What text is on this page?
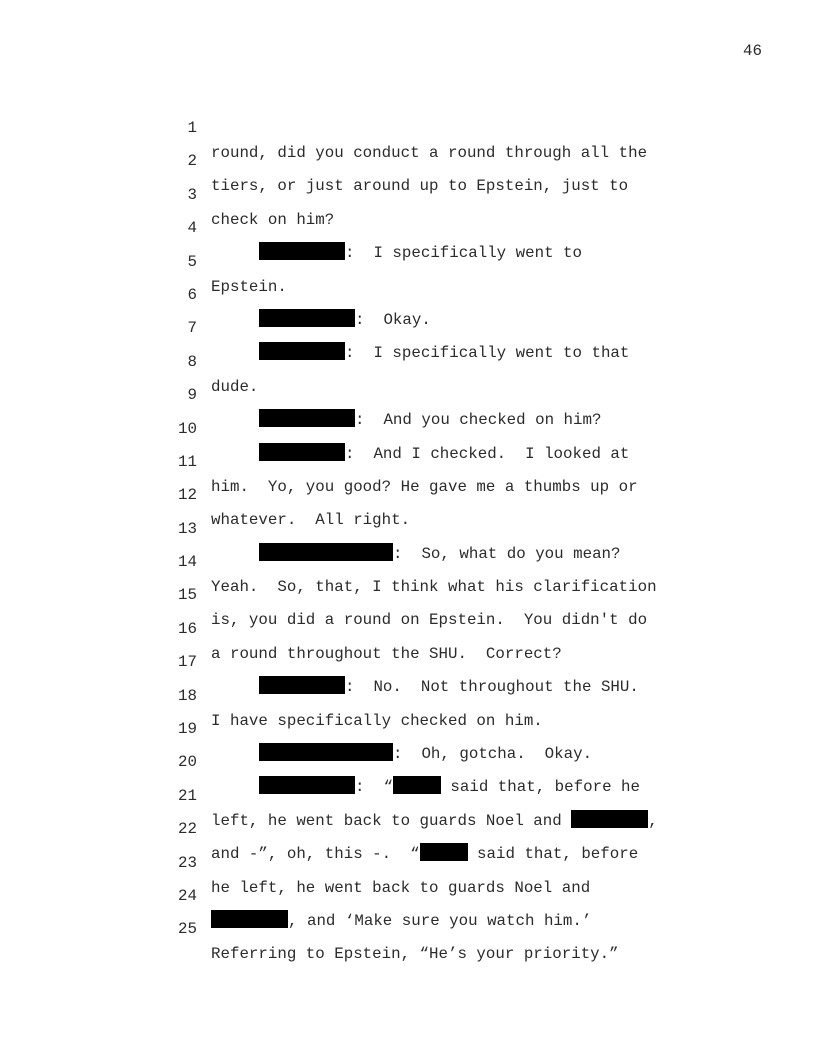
46

1

round, did you conduct a round through all the

2

tiers, or just around up to Epstein, just to

3

check on him?

4

:  I specifically went to

5

Epstein.

6

:  Okay.

7

:  I specifically went to that

8

dude.

9

:  And you checked on him?

10

:  And I checked.  I looked at

11

him.  Yo, you good? He gave me a thumbs up or

12

whatever.  All right.

13

:  So, what do you mean?

14

Yeah.  So, that, I think what his clarification

15

is, you did a round on Epstein.  You didn't do

16

a round throughout the SHU.  Correct?

17

:  No.  Not throughout the SHU.

18

I have specifically checked on him.

19

:  Oh, gotcha.  Okay.

20

:  “	said that, before he

21

left, he went back to guards Noel and	,

22

and -”, oh, this -.  “	said that, before

23

he left, he went back to guards Noel and

24

, and ‘Make sure you watch him.’

25

Referring to Epstein, “He’s your priority.”
